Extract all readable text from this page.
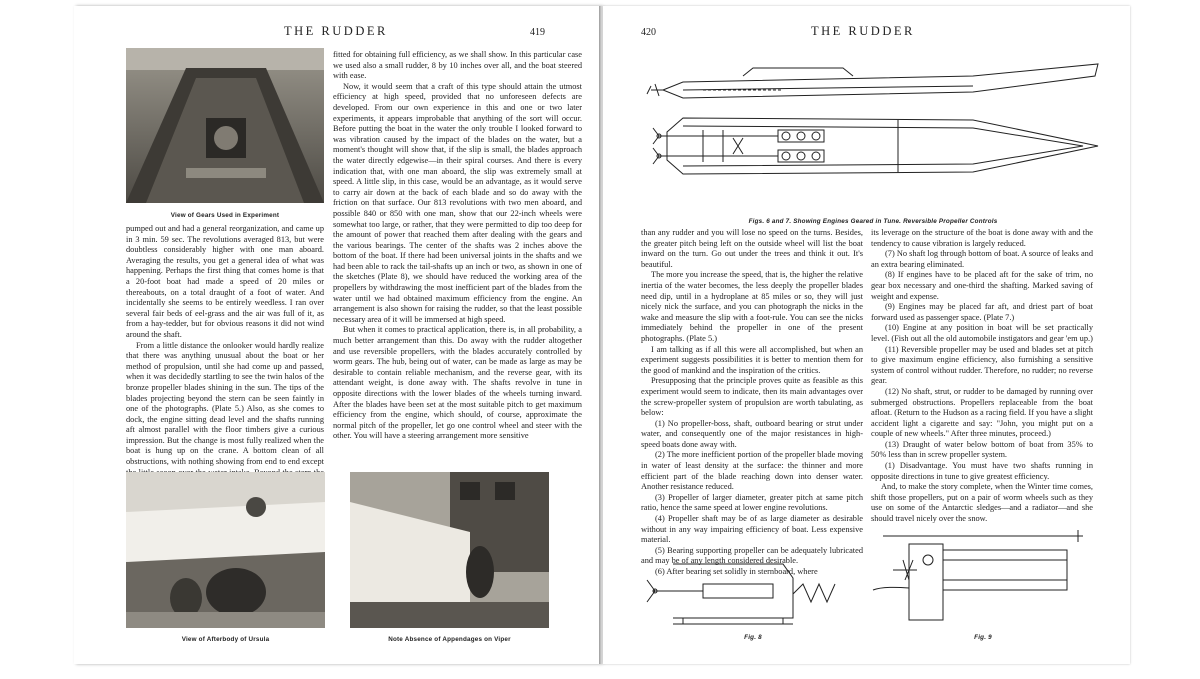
THE RUDDER	419
View of Gears Used in Experiment

fitted for obtaining full efficiency, as we shall show. In this particular case we used also a small rudder, 8 by 10 inches over all, and the boat steered with ease.

Now, it would seem that a craft of this type should attain the utmost efficiency at high speed, provided that no unforeseen defects are developed. From our own experience in this and one or two later experiments, it appears improbable that anything of the sort will occur. Before putting the boat in the water the only trouble I looked forward to was vibration caused by the impact of the blades on the water, but a moment's thought will show that, if the slip is small, the blades approach the water directly edgewise—in their spiral courses. And there is every indication that, with one man aboard, the slip was extremely small at speed. A little slip, in this case, would be an advantage, as it would serve to carry air down at the back of each blade and so do away with the friction on that surface. Our 813 revolutions with two men aboard, and possible 840 or 850 with one man, show that our 22-inch wheels were somewhat too large, or rather, that they were permitted to dip too deep for the amount of power that reached them after dealing with the gears and the various bearings. The center of the shafts was 2 inches above the bottom of the boat. If there had been universal joints in the shafts and we had been able to rack the tail-shafts up an inch or two, as shown in one of the sketches (Plate 8), we should have reduced the working area of the propellers by withdrawing the most inefficient part of the blades from the water until we had obtained maximum efficiency from the engine. An arrangement is also shown for raising the rudder, so that the least possible necessary area of it will be immersed at high speed.

But when it comes to practical application, there is, in all probability, a much better arrangement than this. Do away with the rudder altogether and use reversible propellers, with the blades accurately controlled by worm gears. The hub, being out of water, can be made as large as may be desirable to contain reliable mechanism, and the reverse gear, with its attendant weight, is done away with. The shafts revolve in tune in opposite directions with the lower blades of the wheels turning inward. After the blades have been set at the most suitable pitch to get maximum efficiency from the engine, which should, of course, approximate the normal pitch of the propeller, let go one control wheel and steer with the other. You will have a steering arrangement more sensitive

pumped out and had a general reorganization, and came up in 3 min. 59 sec. The revolutions averaged 813, but were doubtless considerably higher with one man aboard. Averaging the results, you get a general idea of what was happening. Perhaps the first thing that comes home is that a 20-foot boat had made a speed of 20 miles or thereabouts, on a total draught of a foot of water. And incidentally she seems to be entirely weedless. I ran over several fair beds of eel-grass and the air was full of it, as from a hay-tedder, but for obvious reasons it did not wind around the shaft.

From a little distance the onlooker would hardly realize that there was anything unusual about the boat or her method of propulsion, until she had come up and passed, when it was decidedly startling to see the twin halos of the bronze propeller blades shining in the sun. The tips of the blades projecting beyond the stern can be seen faintly in one of the photographs. (Plate 5.) Also, as she comes to dock, the engine sitting dead level and the shafts running aft almost parallel with the floor timbers give a curious impression. But the change is most fully realized when the boat is hung up on the crane. A bottom clean of all obstructions, with nothing showing from end to end except

View of Afterbody of Ursula	Note Absence of Appendages on Viper
420	THE RUDDER
Figs. 6 and 7. Showing Engines Geared in Tune. Reversible Propeller Controls

than any rudder and you will lose no speed on the turns. Besides, the greater pitch being left on the outside wheel will list the boat inward on the turn. Go out under the trees and think it out. It's beautiful.

The more you increase the speed, that is, the higher the relative inertia of the water becomes, the less deeply the propeller blades need dip, until in a hydroplane at 85 miles or so, they will just nicely nick the surface, and you can photograph the nicks in the wake and measure the slip with a foot-rule. You can see the nicks immediately behind the propeller in one of the present photographs. (Plate 5.)

I am talking as if all this were all accomplished, but when an experiment suggests possibilities it is better to mention them for the good of mankind and the inspiration of the critics.

Presupposing that the principle proves quite as feasible as this experiment would seem to indicate, then its main advantages over the screw-propeller system of propulsion are worth tabulating, as below:

(1) No propeller-boss, shaft, outboard bearing or strut under water, and consequently one of the major resistances in high-speed boats done away with.

(2) The more inefficient portion of the propeller blade moving in water of least density at the surface: the thinner and more efficient part of the blade reaching down into denser water. Another resistance reduced.

(3) Propeller of larger diameter, greater pitch at same pitch ratio, hence the same speed at lower engine revolutions.

(4) Propeller shaft may be of as large diameter as desirable without in any way impairing efficiency of boat. Less expensive material.

(5) Bearing supporting propeller can be adequately lubricated and may be of any length considered desirable.

(6) After bearing set solidly in sternboard, where

its leverage on the structure of the boat is done away with and the tendency to cause vibration is largely reduced.

(7) No shaft log through bottom of boat. A source of leaks and an extra bearing eliminated.

(8) If engines have to be placed aft for the sake of trim, no gear box necessary and one-third the shafting. Marked saving of weight and expense.

(9) Engines may be placed far aft, and driest part of boat forward used as passenger space. (Plate 7.)

(10) Engine at any position in boat will be set practically level. (Fish out all the old automobile instigators and gear 'em up.)

(11) Reversible propeller may be used and blades set at pitch to give maximum engine efficiency, also furnishing a sensitive system of control without rudder. Therefore, no rudder; no reverse gear.

(12) No shaft, strut, or rudder to be damaged by running over submerged obstructions. Propellers replaceable from the boat afloat. (Return to the Hudson as a racing field. If you have a slight accident light a cigarette and say: "John, you might put on a couple of new wheels." After three minutes, proceed.)

(13) Draught of water below bottom of boat from 35% to 50% less than in screw propeller system.

(1) Disadvantage. You must have two shafts running in opposite directions in tune to give greatest efficiency.

And, to make the story complete, when the Winter time comes, shift those propellers, put on a pair of worm wheels such as they use on some of the Antarctic sledges—and a radiator—and she should travel nicely over the snow.

Fig. 8	Fig. 9
